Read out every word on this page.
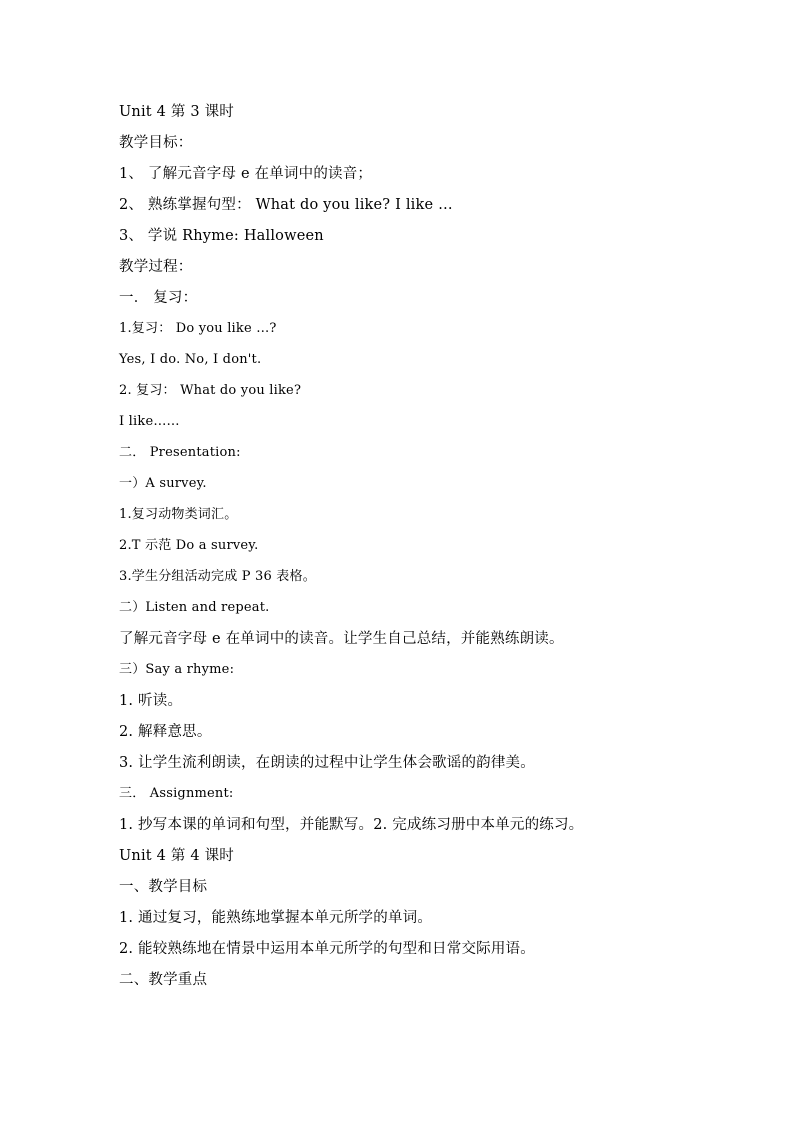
Unit 4 第 3 课时
教学目标：
1、 了解元音字母 e 在单词中的读音；
2、 熟练掌握句型： What do you like? I like …
3、 学说 Rhyme: Halloween
教学过程：
一． 复习：
1.复习： Do you like …?
Yes, I do. No, I don't.
2. 复习： What do you like?
I like……
二． Presentation:
一）A survey.
1.复习动物类词汇。
2.T 示范 Do a survey.
3.学生分组活动完成 P 36 表格。
二）Listen and repeat.
了解元音字母 e 在单词中的读音。让学生自己总结，并能熟练朗读。
三）Say a rhyme:
1. 听读。
2. 解释意思。
3. 让学生流利朗读，在朗读的过程中让学生体会歌谣的韵律美。
三． Assignment:
1. 抄写本课的单词和句型，并能默写。2. 完成练习册中本单元的练习。
Unit 4 第 4 课时
一、教学目标
1. 通过复习，能熟练地掌握本单元所学的单词。
2. 能较熟练地在情景中运用本单元所学的句型和日常交际用语。
二、教学重点
